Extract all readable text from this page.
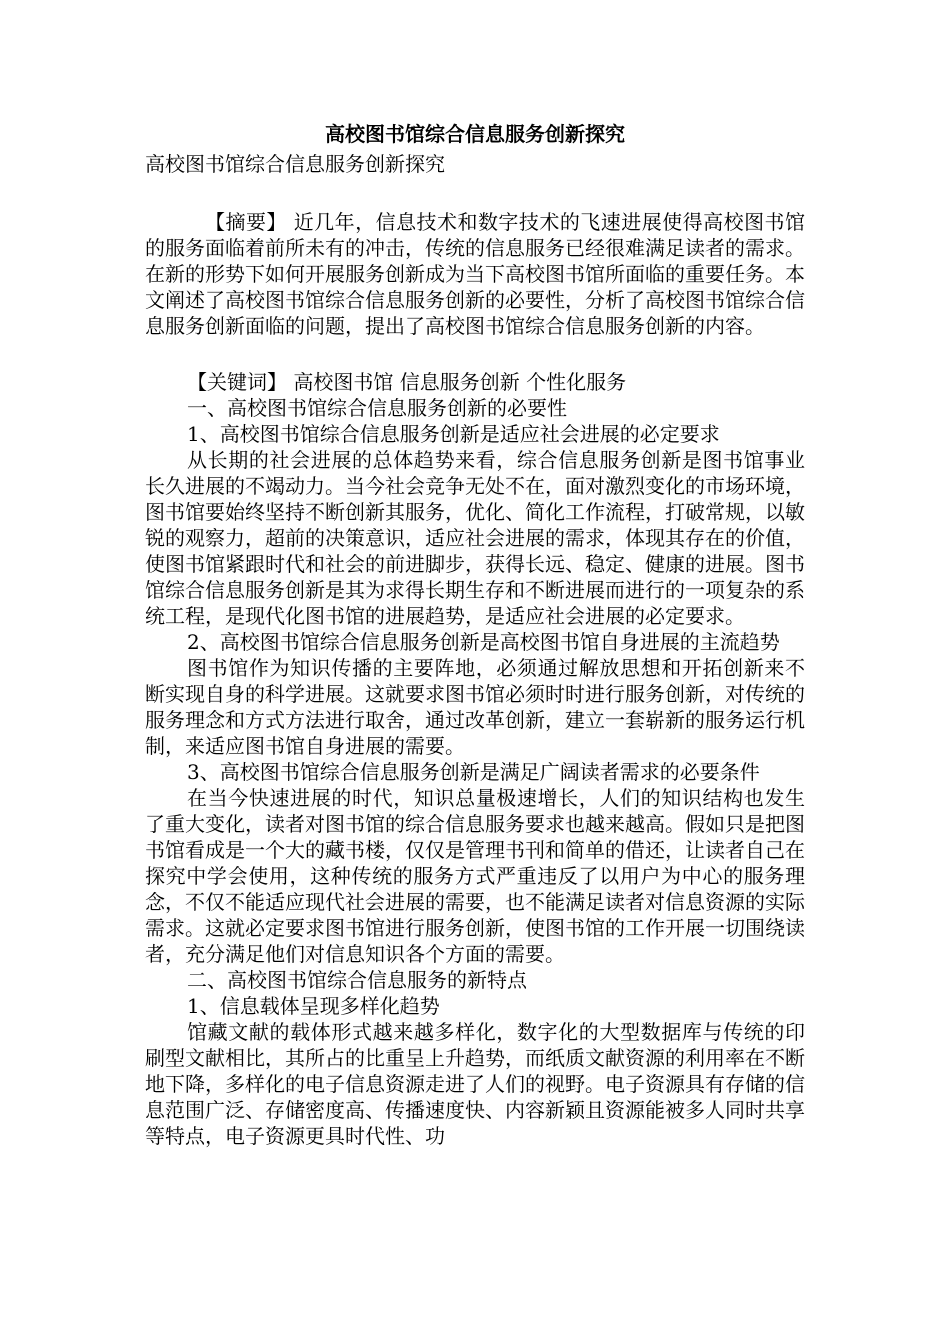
高校图书馆综合信息服务创新探究
高校图书馆综合信息服务创新探究

【摘要】 近几年，信息技术和数字技术的飞速进展使得高校图书馆的服务面临着前所未有的冲击，传统的信息服务已经很难满足读者的需求。在新的形势下如何开展服务创新成为当下高校图书馆所面临的重要任务。本文阐述了高校图书馆综合信息服务创新的必要性，分析了高校图书馆综合信息服务创新面临的问题，提出了高校图书馆综合信息服务创新的内容。

【关键词】 高校图书馆 信息服务创新 个性化服务

一、高校图书馆综合信息服务创新的必要性

1、高校图书馆综合信息服务创新是适应社会进展的必定要求

从长期的社会进展的总体趋势来看，综合信息服务创新是图书馆事业长久进展的不竭动力。当今社会竞争无处不在，面对激烈变化的市场环境，图书馆要始终坚持不断创新其服务，优化、简化工作流程，打破常规，以敏锐的观察力，超前的决策意识，适应社会进展的需求，体现其存在的价值，使图书馆紧跟时代和社会的前进脚步，获得长远、稳定、健康的进展。图书馆综合信息服务创新是其为求得长期生存和不断进展而进行的一项复杂的系统工程，是现代化图书馆的进展趋势，是适应社会进展的必定要求。

2、高校图书馆综合信息服务创新是高校图书馆自身进展的主流趋势

图书馆作为知识传播的主要阵地，必须通过解放思想和开拓创新来不断实现自身的科学进展。这就要求图书馆必须时时进行服务创新，对传统的服务理念和方式方法进行取舍，通过改革创新，建立一套崭新的服务运行机制，来适应图书馆自身进展的需要。

3、高校图书馆综合信息服务创新是满足广阔读者需求的必要条件

在当今快速进展的时代，知识总量极速增长，人们的知识结构也发生了重大变化，读者对图书馆的综合信息服务要求也越来越高。假如只是把图书馆看成是一个大的藏书楼，仅仅是管理书刊和简单的借还，让读者自己在探究中学会使用，这种传统的服务方式严重违反了以用户为中心的服务理念，不仅不能适应现代社会进展的需要，也不能满足读者对信息资源的实际需求。这就必定要求图书馆进行服务创新，使图书馆的工作开展一切围绕读者，充分满足他们对信息知识各个方面的需要。

二、高校图书馆综合信息服务的新特点

1、信息载体呈现多样化趋势

馆藏文献的载体形式越来越多样化，数字化的大型数据库与传统的印刷型文献相比，其所占的比重呈上升趋势，而纸质文献资源的利用率在不断地下降，多样化的电子信息资源走进了人们的视野。电子资源具有存储的信息范围广泛、存储密度高、传播速度快、内容新颖且资源能被多人同时共享等特点，电子资源更具时代性、功
